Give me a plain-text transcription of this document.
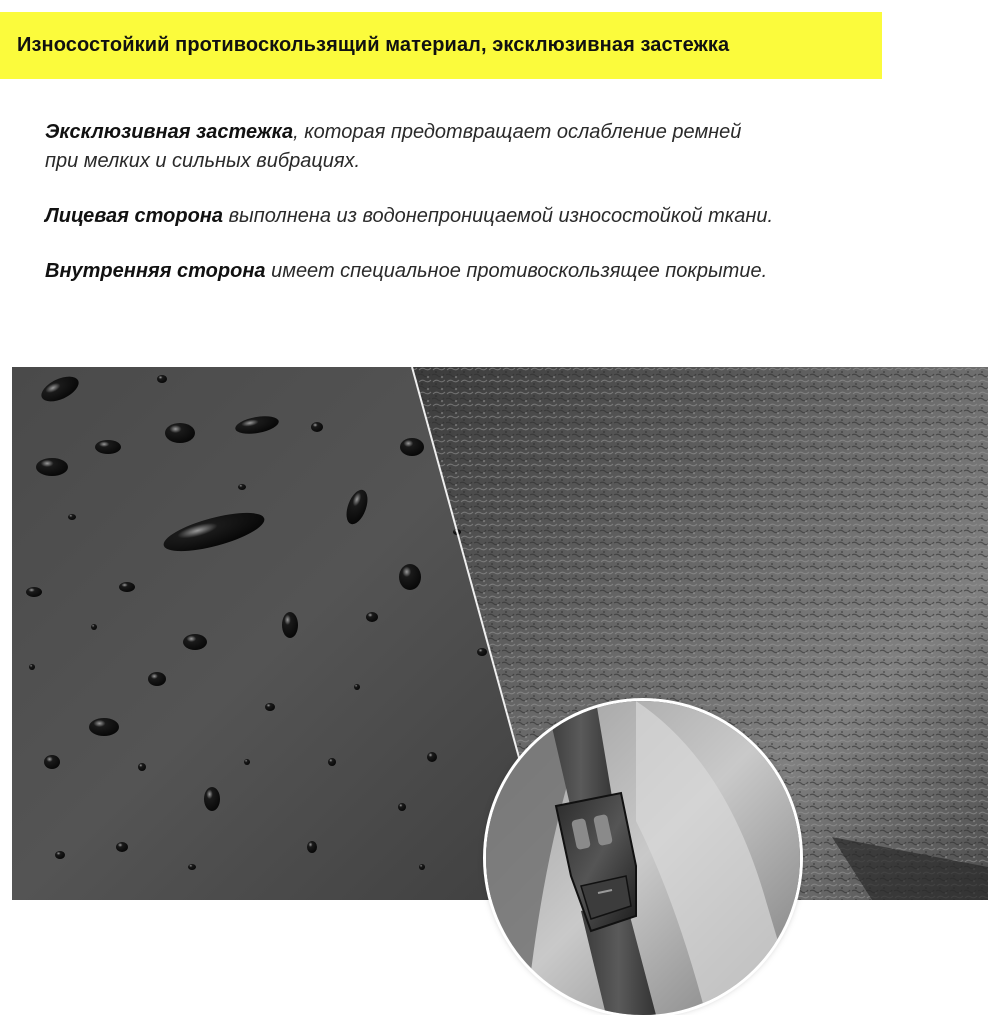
Износостойкий противоскользящий материал, эксклюзивная застежка

Эксклюзивная застежка, которая предотвращает ослабление ремней
при мелких и сильных вибрациях.

Лицевая сторона выполнена из водонепроницаемой износостойкой ткани.

Внутренняя сторона имеет специальное противоскользящее покрытие.
